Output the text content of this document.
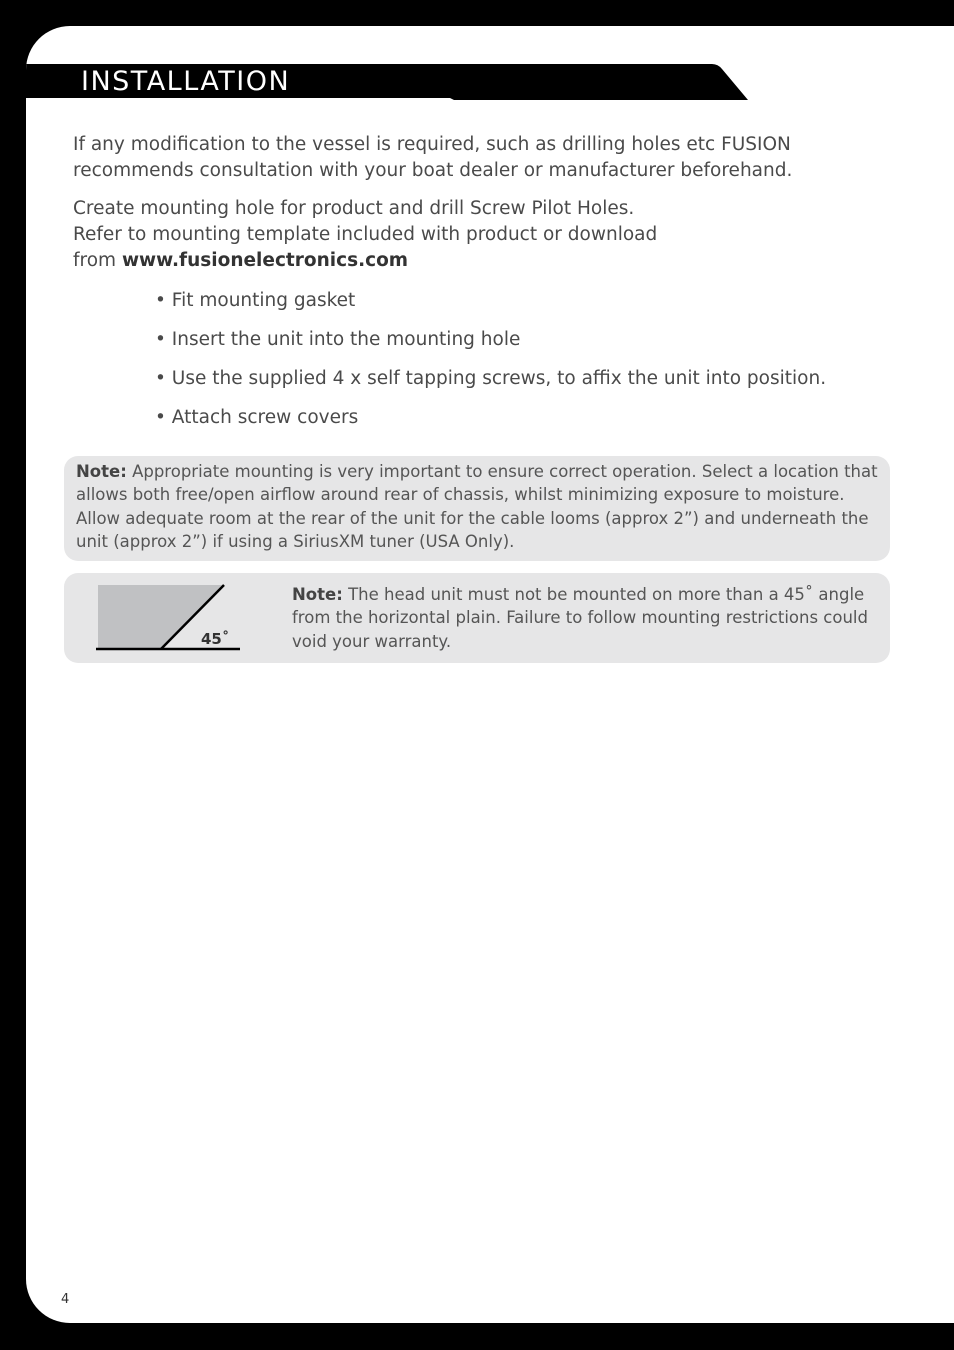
INSTALLATION

If any modification to the vessel is required, such as drilling holes etc FUSION recommends consultation with your boat dealer or manufacturer beforehand.

Create mounting hole for product and drill Screw Pilot Holes.
Refer to mounting template included with product or download
from www.fusionelectronics.com

• Fit mounting gasket
• Insert the unit into the mounting hole
• Use the supplied 4 x self tapping screws, to affix the unit into position.
• Attach screw covers

Note: Appropriate mounting is very important to ensure correct operation. Select a location that allows both free/open airflow around rear of chassis, whilst minimizing exposure to moisture. Allow adequate room at the rear of the unit for the cable looms (approx 2”) and underneath the unit (approx 2”) if using a SiriusXM tuner (USA Only).

45˚

Note: The head unit must not be mounted on more than a 45˚ angle from the horizontal plain. Failure to follow mounting restrictions could void your warranty.

4
